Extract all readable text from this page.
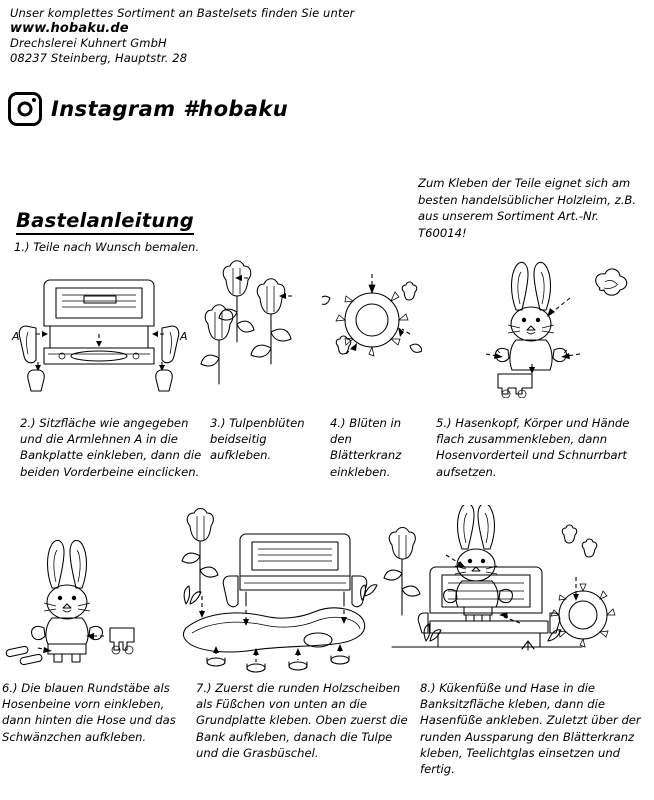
Unser komplettes Sortiment an Bastelsets finden Sie unter
www.hobaku.de
Drechslerei Kuhnert GmbH
08237 Steinberg, Hauptstr. 28
Instagram #hobaku
Zum Kleben der Teile eignet sich am besten handelsüblicher Holzleim, z.B. aus unserem Sortiment Art.-Nr. T60014!
Bastelanleitung
1.) Teile nach Wunsch bemalen.
A	A
2.) Sitzfläche wie angegeben und die Armlehnen A in die Bankplatte einkleben, dann die beiden Vorderbeine einclicken.
3.) Tulpenblüten beidseitig aufkleben.
4.) Blüten in den Blätterkranz einkleben.
5.) Hasenkopf, Körper und Hände flach zusammenkleben, dann Hosenvorderteil und Schnurrbart aufsetzen.
6.) Die blauen Rundstäbe als Hosenbeine vorn einkleben, dann hinten die Hose und das Schwänzchen aufkleben.
7.) Zuerst die runden Holzscheiben als Füßchen von unten an die Grundplatte kleben. Oben zuerst die Bank aufkleben, danach die Tulpe und die Grasbüschel.
8.) Kükenfüße und Hase in die Banksitzfläche kleben, dann die Hasenfüße ankleben. Zuletzt über der runden Aussparung den Blätterkranz kleben, Teelichtglas einsetzen und fertig.
